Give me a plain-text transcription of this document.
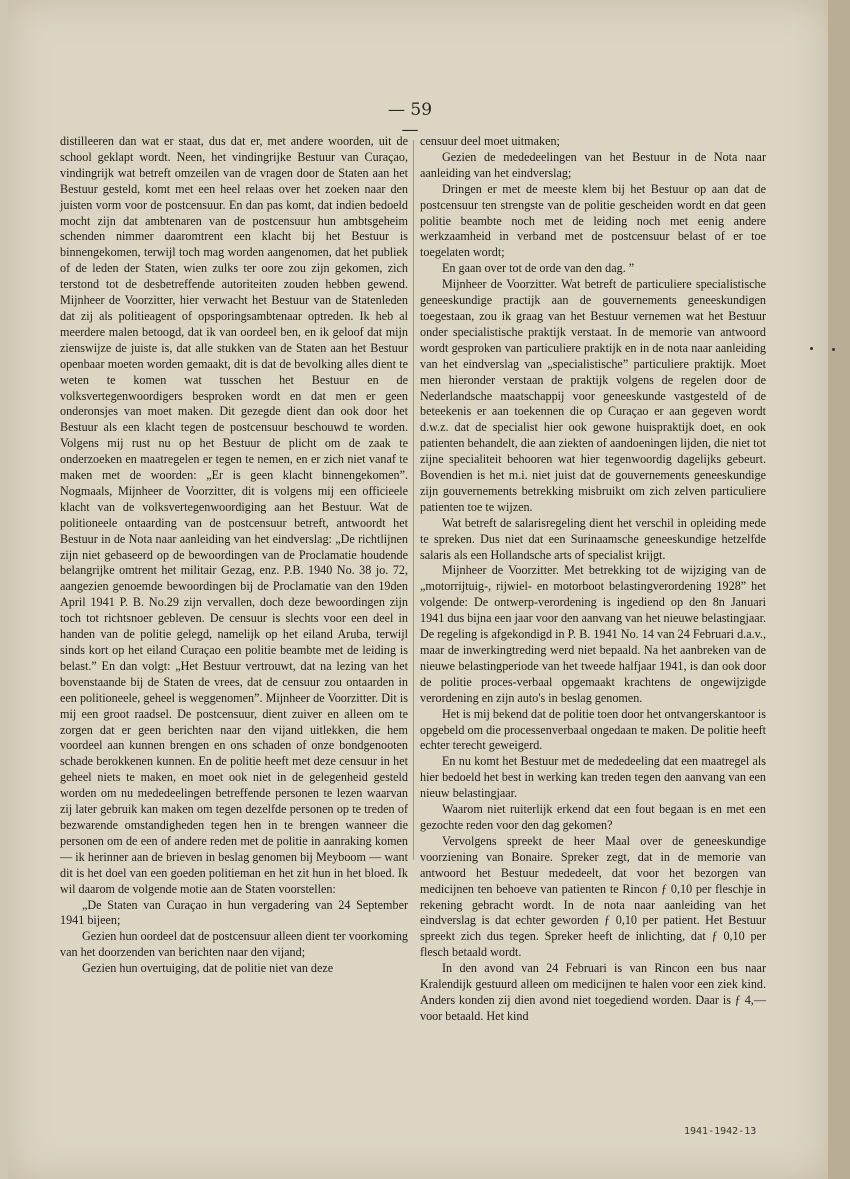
— 59 —

distilleeren dan wat er staat, dus dat er, met andere woorden, uit de school geklapt wordt. Neen, het vindingrijke Bestuur van Curaçao, vindingrijk wat betreft omzeilen van de vragen door de Staten aan het Bestuur gesteld, komt met een heel relaas over het zoeken naar den juisten vorm voor de postcensuur. En dan pas komt, dat indien bedoeld mocht zijn dat ambtenaren van de postcensuur hun ambtsgeheim schenden nimmer daaromtrent een klacht bij het Bestuur is binnengekomen, terwijl toch mag worden aangenomen, dat het publiek of de leden der Staten, wien zulks ter oore zou zijn gekomen, zich terstond tot de desbetreffende autoriteiten zouden hebben gewend. Mijnheer de Voorzitter, hier verwacht het Bestuur van de Statenleden dat zij als politieagent of opsporingsambtenaar optreden. Ik heb al meerdere malen betoogd, dat ik van oordeel ben, en ik geloof dat mijn zienswijze de juiste is, dat alle stukken van de Staten aan het Bestuur openbaar moeten worden gemaakt, dit is dat de bevolking alles dient te weten te komen wat tusschen het Bestuur en de volksvertegenwoordigers besproken wordt en dat men er geen onderonsjes van moet maken. Dit gezegde dient dan ook door het Bestuur als een klacht tegen de postcensuur beschouwd te worden. Volgens mij rust nu op het Bestuur de plicht om de zaak te onderzoeken en maatregelen er tegen te nemen, en er zich niet vanaf te maken met de woorden: „Er is geen klacht binnengekomen”. Nogmaals, Mijnheer de Voorzitter, dit is volgens mij een officieele klacht van de volksvertegenwoordiging aan het Bestuur. Wat de politioneele ontaarding van de postcensuur betreft, antwoordt het Bestuur in de Nota naar aanleiding van het eindverslag: „De richtlijnen zijn niet gebaseerd op de bewoordingen van de Proclamatie houdende belangrijke omtrent het militair Gezag, enz. P.B. 1940 No. 38 jo. 72, aangezien genoemde bewoordingen bij de Proclamatie van den 19den April 1941 P. B. No.29 zijn vervallen, doch deze bewoordingen zijn toch tot richtsnoer gebleven. De censuur is slechts voor een deel in handen van de politie gelegd, namelijk op het eiland Aruba, terwijl sinds kort op het eiland Curaçao een politie beambte met de leiding is belast.” En dan volgt: „Het Bestuur vertrouwt, dat na lezing van het bovenstaande bij de Staten de vrees, dat de censuur zou ontaarden in een politioneele, geheel is weggenomen”. Mijnheer de Voorzitter. Dit is mij een groot raadsel. De postcensuur, dient zuiver en alleen om te zorgen dat er geen berichten naar den vijand uitlekken, die hem voordeel aan kunnen brengen en ons schaden of onze bondgenooten schade berokkenen kunnen. En de politie heeft met deze censuur in het geheel niets te maken, en moet ook niet in de gelegenheid gesteld worden om nu mededeelingen betreffende personen te lezen waarvan zij later gebruik kan maken om tegen dezelfde personen op te treden of bezwarende omstandigheden tegen hen in te brengen wanneer die personen om de een of andere reden met de politie in aanraking komen — ik herinner aan de brieven in beslag genomen bij Meyboom — want dit is het doel van een goeden politieman en het zit hun in het bloed. Ik wil daarom de volgende motie aan de Staten voorstellen:

„De Staten van Curaçao in hun vergadering van 24 September 1941 bijeen;

Gezien hun oordeel dat de postcensuur alleen dient ter voorkoming van het doorzenden van berichten naar den vijand;

Gezien hun overtuiging, dat de politie niet van deze

censuur deel moet uitmaken;

Gezien de mededeelingen van het Bestuur in de Nota naar aanleiding van het eindverslag;

Dringen er met de meeste klem bij het Bestuur op aan dat de postcensuur ten strengste van de politie gescheiden wordt en dat geen politie beambte noch met de leiding noch met eenig andere werkzaamheid in verband met de postcensuur belast of er toe toegelaten wordt;

En gaan over tot de orde van den dag. ”

Mijnheer de Voorzitter. Wat betreft de particuliere specialistische geneeskundige practijk aan de gouvernements geneeskundigen toegestaan, zou ik graag van het Bestuur vernemen wat het Bestuur onder specialistische praktijk verstaat. In de memorie van antwoord wordt gesproken van particuliere praktijk en in de nota naar aanleiding van het eindverslag van „specialistische” particuliere praktijk. Moet men hieronder verstaan de praktijk volgens de regelen door de Nederlandsche maatschappij voor geneeskunde vastgesteld of de beteekenis er aan toekennen die op Curaçao er aan gegeven wordt d.w.z. dat de specialist hier ook gewone huispraktijk doet, en ook patienten behandelt, die aan ziekten of aandoeningen lijden, die niet tot zijne specialiteit behooren wat hier tegenwoordig dagelijks gebeurt. Bovendien is het m.i. niet juist dat de gouvernements geneeskundige zijn gouvernements betrekking misbruikt om zich zelven particuliere patienten toe te wijzen.

Wat betreft de salarisregeling dient het verschil in opleiding mede te spreken. Dus niet dat een Surinaamsche geneeskundige hetzelfde salaris als een Hollandsche arts of specialist krijgt.

Mijnheer de Voorzitter. Met betrekking tot de wijziging van de „motorrijtuig-, rijwiel- en motorboot belastingverordening 1928” het volgende: De ontwerp-verordening is ingediend op den 8n Januari 1941 dus bijna een jaar voor den aanvang van het nieuwe belastingjaar. De regeling is afgekondigd in P. B. 1941 No. 14 van 24 Februari d.a.v., maar de inwerkingtreding werd niet bepaald. Na het aanbreken van de nieuwe belastingperiode van het tweede halfjaar 1941, is dan ook door de politie proces-verbaal opgemaakt krachtens de ongewijzigde verordening en zijn auto's in beslag genomen.

Het is mij bekend dat de politie toen door het ontvangerskantoor is opgebeld om die processenverbaal ongedaan te maken. De politie heeft echter terecht geweigerd.

En nu komt het Bestuur met de mededeeling dat een maatregel als hier bedoeld het best in werking kan treden tegen den aanvang van een nieuw belastingjaar.

Waarom niet ruiterlijk erkend dat een fout begaan is en met een gezochte reden voor den dag gekomen?

Vervolgens spreekt de heer Maal over de geneeskundige voorziening van Bonaire. Spreker zegt, dat in de memorie van antwoord het Bestuur mededeelt, dat voor het bezorgen van medicijnen ten behoeve van patienten te Rincon ƒ 0,10 per fleschje in rekening gebracht wordt. In de nota naar aanleiding van het eindverslag is dat echter geworden ƒ 0,10 per patient. Het Bestuur spreekt zich dus tegen. Spreker heeft de inlichting, dat ƒ 0,10 per flesch betaald wordt.

In den avond van 24 Februari is van Rincon een bus naar Kralendijk gestuurd alleen om medicijnen te halen voor een ziek kind. Anders konden zij dien avond niet toegediend worden. Daar is ƒ 4,— voor betaald. Het kind

1941-1942-13
